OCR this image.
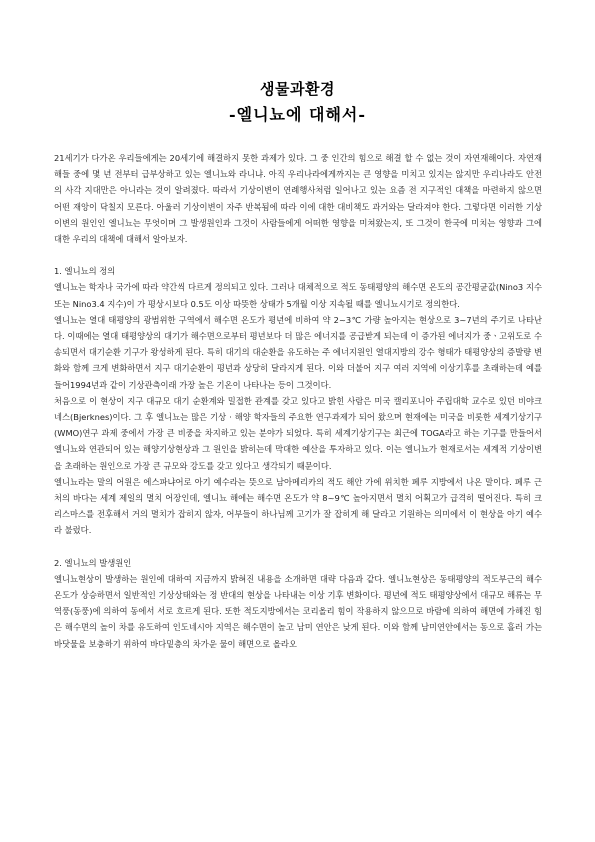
생물과환경
-엘니뇨에 대해서-

21세기가 다가온 우리들에게는 20세기에 해결하지 못한 과제가 있다. 그 중 인간의 힘으로 해결 할 수 없는 것이 자연재해이다. 자연재해들 중에 몇 년 전부터 급부상하고 있는 엘니뇨와 라니냐. 아직 우리나라에게까지는 큰 영향을 미치고 있지는 않지만 우리나라도 안전의 사각 지대만은 아니라는 것이 알려졌다. 따라서 기상이변이 연례행사처럼 일어나고 있는 요즘 전 지구적인 대책을 마련하지 않으면 어떤 재앙이 닥칠지 모른다. 아울러 기상이변이 자주 반복됨에 따라 이에 대한 대비책도 과거와는 달라져야 한다. 그렇다면 이러한 기상이변의 원인인 엘니뇨는 무엇이며 그 발생원인과 그것이 사람들에게 어떠한 영향을 미쳐왔는지, 또 그것이 한국에 미치는 영향과 그에 대한 우리의 대책에 대해서 알아보자.

1. 엘니뇨의 정의

엘니뇨는 학자나 국가에 따라 약간씩 다르게 정의되고 있다. 그러나 대체적으로 적도 동태평양의 해수면 온도의 공간평균값(Nino3 지수 또는 Nino3.4 지수)이 가 평상시보다 0.5도 이상 따뜻한 상태가 5개월 이상 지속될 때를 엘니뇨시기로 정의한다.

엘니뇨는 열대 태평양의 광범위한 구역에서 해수면 온도가 평년에 비하여 약 2~3℃ 가량 높아지는 현상으로 3~7년의 주기로 나타난다. 이때에는 열대 태평양상의 대기가 해수면으로부터 평년보다 더 많은 에너지를 공급받게 되는데 이 증가된 에너지가 중ㆍ고위도로 수송되면서 대기순환 기구가 왕성하게 된다. 특히 대기의 대순환을 유도하는 주 에너지원인 열대지방의 강수 형태가 태평양상의 증발량 변화와 함께 크게 변화하면서 지구 대기순환이 평년과 상당히 달라지게 된다. 이와 더불어 지구 여러 지역에 이상기후를 초래하는데 예를 들어1994년과 같이 기상관측이래 가장 높은 기온이 나타나는 등이 그것이다.

처음으로 이 현상이 지구 대규모 대기 순환계와 밀접한 관계를 갖고 있다고 밝힌 사람은 미국 캘리포니아 주립대학 교수로 있던 비야크네스(Bjerknes)이다. 그 후 엘니뇨는 많은 기상 · 해양 학자들의 주요한 연구과제가 되어 왔으며 현재에는 미국을 비롯한 세계기상기구(WMO)연구 과제 중에서 가장 큰 비중을 차지하고 있는 분야가 되었다. 특히 세계기상기구는 최근에 TOGA라고 하는 기구를 만들어서 엘니뇨와 연관되어 있는 해양기상현상과 그 원인을 밝히는데 막대한 예산을 투자하고 있다. 이는 엘니뇨가 현재로서는 세계적 기상이변을 초래하는 원인으로 가장 큰 규모와 강도를 갖고 있다고 생각되기 때문이다.

엘니뇨라는 말의 어원은 에스파냐어로 아기 예수라는 뜻으로 남아메리카의 적도 해안 가에 위치한 페루 지방에서 나온 말이다. 페루 근처의 바다는 세계 제일의 멸치 어장인데, 엘니뇨 해에는 해수면 온도가 약 8~9℃ 높아지면서 멸치 어획고가 급격히 떨어진다. 특히 크리스마스를 전후해서 거의 멸치가 잡히지 않자, 어부들이 하나님께 고기가 잘 잡히게 해 달라고 기원하는 의미에서 이 현상을 아기 예수라 불렀다.

2. 엘니뇨의 발생원인

엘니뇨현상이 발생하는 원인에 대하여 지금까지 밝혀진 내용을 소개하면 대략 다음과 같다. 엘니뇨현상은 동태평양의 적도부근의 해수 온도가 상승하면서 일반적인 기상상태와는 정 반대의 현상을 나타내는 이상 기후 변화이다. 평년에 적도 태평양상에서 대규모 해류는 무역풍(동풍)에 의하여 동에서 서로 흐르게 된다. 또한 적도지방에서는 코리올리 힘이 작용하지 않으므로 바람에 의하여 해면에 가해진 힘은 해수면의 높이 차를 유도하여 인도네시아 지역은 해수면이 높고 남미 연안은 낮게 된다. 이와 함께 남미연안에서는 동으로 흘러 가는 바닷물을 보충하기 위하여 바다밑층의 차가운 물이 해면으로 올라오
